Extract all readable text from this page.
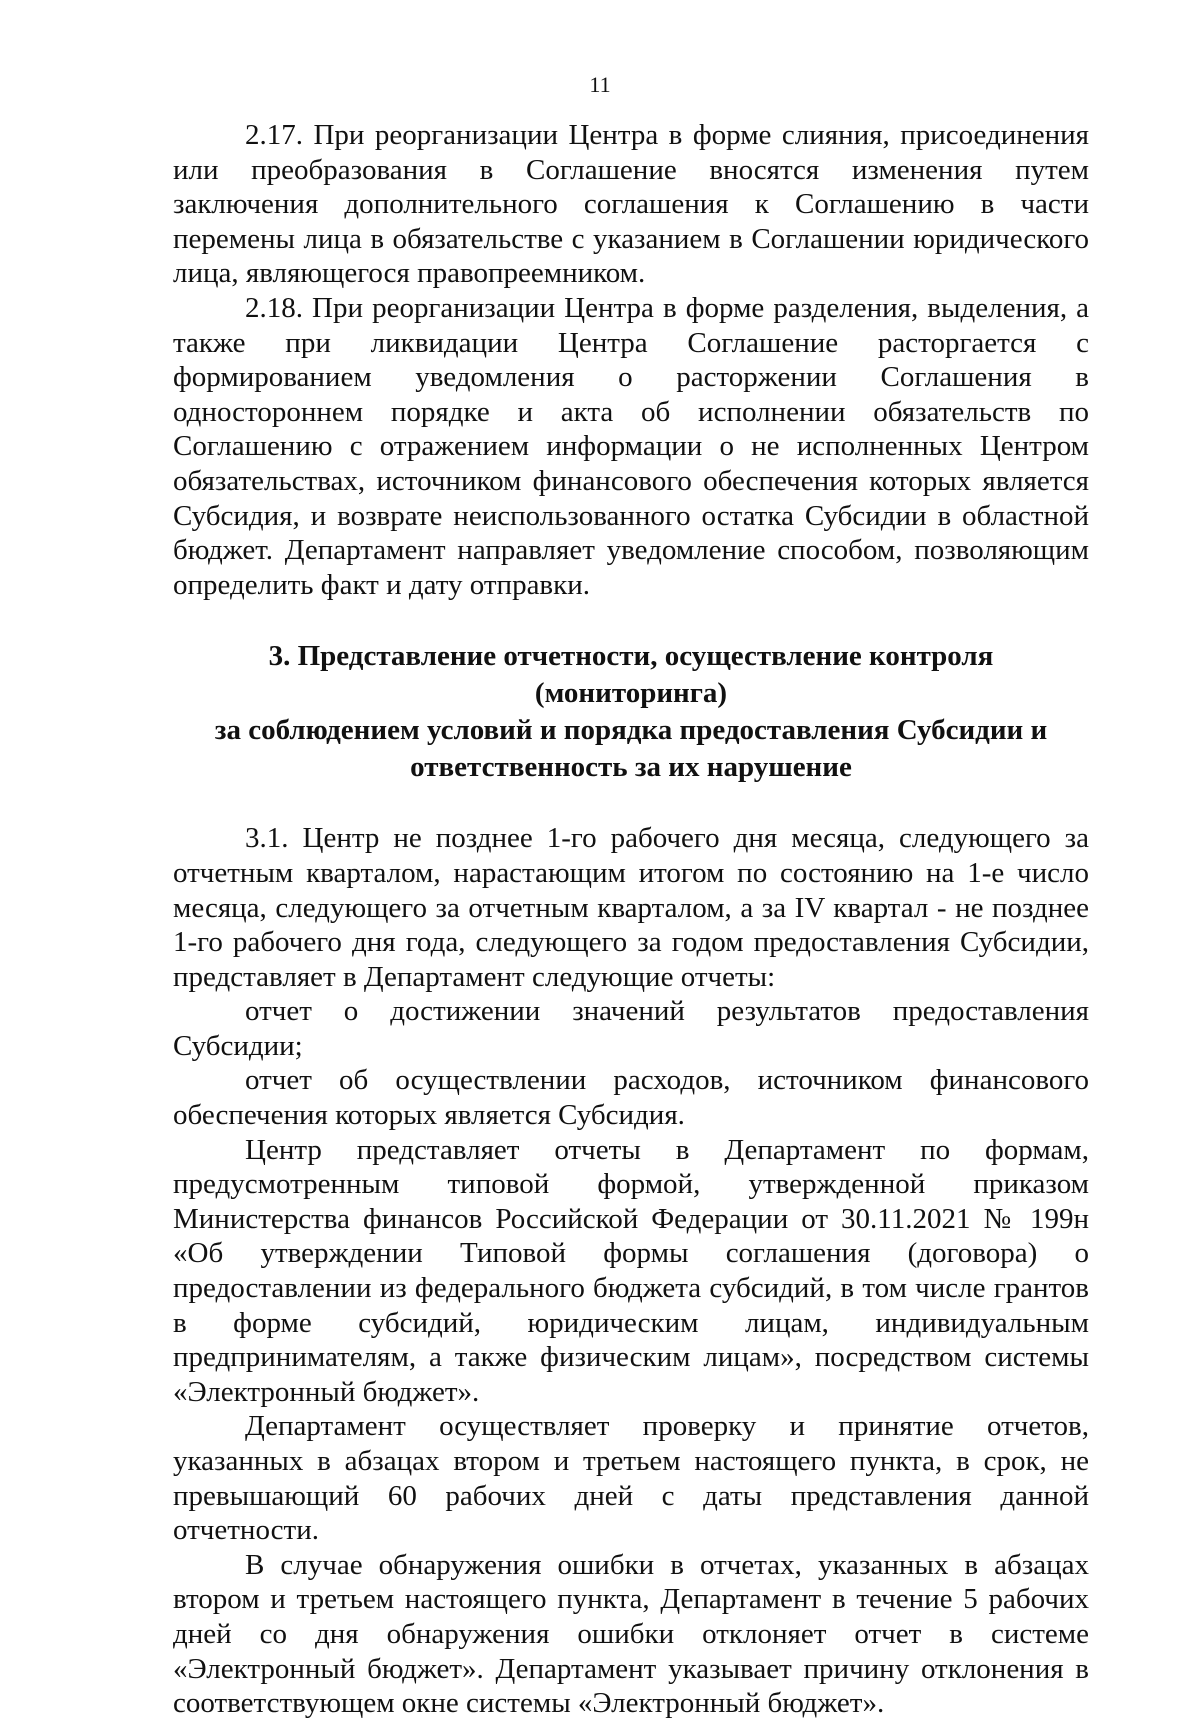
11

2.17. При реорганизации Центра в форме слияния, присоединения или преобразования в Соглашение вносятся изменения путем заключения дополнительного соглашения к Соглашению в части перемены лица в обязательстве с указанием в Соглашении юридического лица, являющегося правопреемником.

2.18. При реорганизации Центра в форме разделения, выделения, а также при ликвидации Центра Соглашение расторгается с формированием уведомления о расторжении Соглашения в одностороннем порядке и акта об исполнении обязательств по Соглашению с отражением информации о не исполненных Центром обязательствах, источником финансового обеспечения которых является Субсидия, и возврате неиспользованного остатка Субсидии в областной бюджет. Департамент направляет уведомление способом, позволяющим определить факт и дату отправки.

3. Представление отчетности, осуществление контроля (мониторинга)
за соблюдением условий и порядка предоставления Субсидии и
ответственность за их нарушение

3.1. Центр не позднее 1-го рабочего дня месяца, следующего за отчетным кварталом, нарастающим итогом по состоянию на 1-е число месяца, следующего за отчетным кварталом, а за IV квартал - не позднее 1-го рабочего дня года, следующего за годом предоставления Субсидии, представляет в Департамент следующие отчеты:

отчет о достижении значений результатов предоставления Субсидии;

отчет об осуществлении расходов, источником финансового обеспечения которых является Субсидия.

Центр представляет отчеты в Департамент по формам, предусмотренным типовой формой, утвержденной приказом Министерства финансов Российской Федерации от 30.11.2021 № 199н «Об утверждении Типовой формы соглашения (договора) о предоставлении из федерального бюджета субсидий, в том числе грантов в форме субсидий, юридическим лицам, индивидуальным предпринимателям, а также физическим лицам», посредством системы «Электронный бюджет».

Департамент осуществляет проверку и принятие отчетов, указанных в абзацах втором и третьем настоящего пункта, в срок, не превышающий 60 рабочих дней с даты представления данной отчетности.

В случае обнаружения ошибки в отчетах, указанных в абзацах втором и третьем настоящего пункта, Департамент в течение 5 рабочих дней со дня обнаружения ошибки отклоняет отчет в системе «Электронный бюджет». Департамент указывает причину отклонения в соответствующем окне системы «Электронный бюджет».
